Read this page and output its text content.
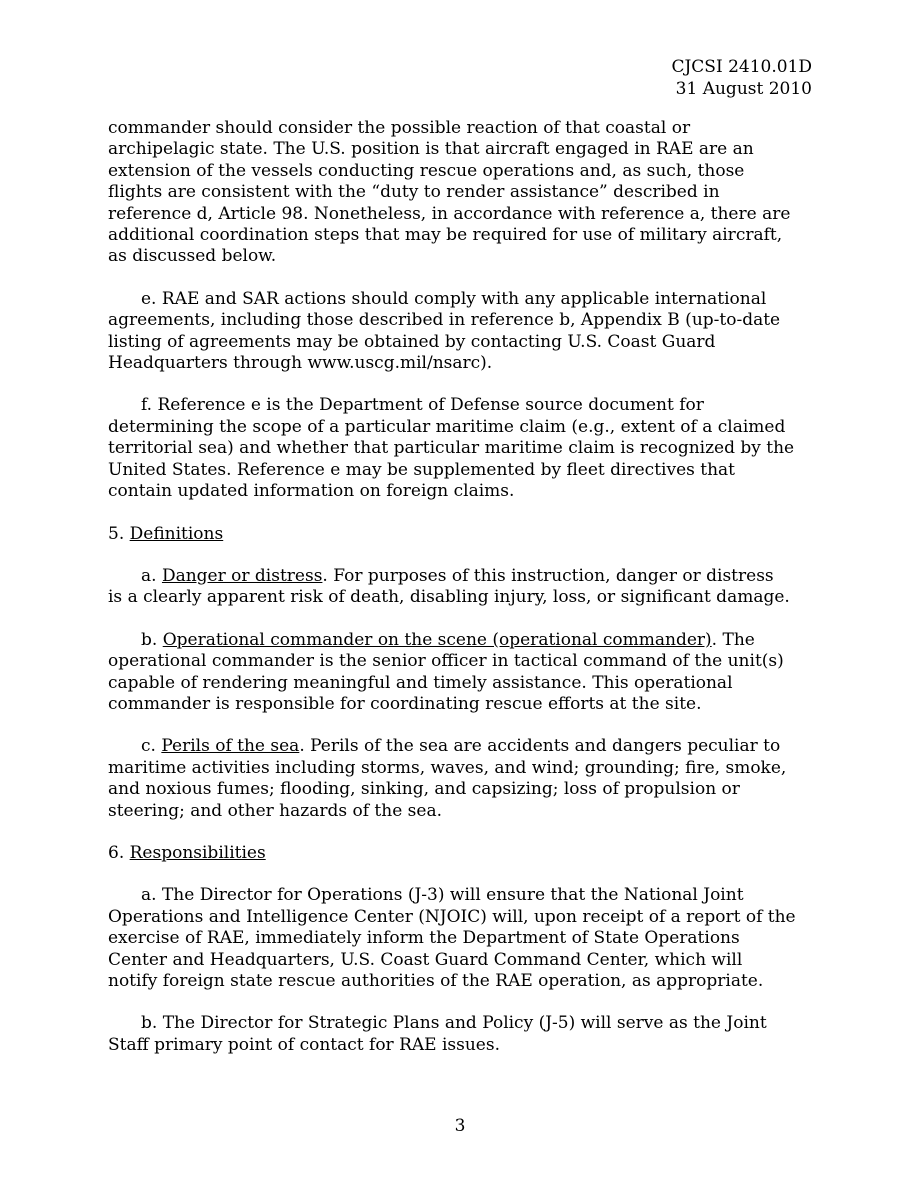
CJCSI 2410.01D
31 August 2010

commander should consider the possible reaction of that coastal or

archipelagic state. The U.S. position is that aircraft engaged in RAE are an

extension of the vessels conducting rescue operations and, as such, those

flights are consistent with the “duty to render assistance” described in

reference d, Article 98. Nonetheless, in accordance with reference a, there are

additional coordination steps that may be required for use of military aircraft,

as discussed below.

e. RAE and SAR actions should comply with any applicable international

agreements, including those described in reference b, Appendix B (up-to-date

listing of agreements may be obtained by contacting U.S. Coast Guard

Headquarters through www.uscg.mil/nsarc).

f. Reference e is the Department of Defense source document for

determining the scope of a particular maritime claim (e.g., extent of a claimed

territorial sea) and whether that particular maritime claim is recognized by the

United States. Reference e may be supplemented by fleet directives that

contain updated information on foreign claims.

5. Definitions

a. Danger or distress. For purposes of this instruction, danger or distress

is a clearly apparent risk of death, disabling injury, loss, or significant damage.

b. Operational commander on the scene (operational commander). The

operational commander is the senior officer in tactical command of the unit(s)

capable of rendering meaningful and timely assistance. This operational

commander is responsible for coordinating rescue efforts at the site.

c. Perils of the sea. Perils of the sea are accidents and dangers peculiar to

maritime activities including storms, waves, and wind; grounding; fire, smoke,

and noxious fumes; flooding, sinking, and capsizing; loss of propulsion or

steering; and other hazards of the sea.

6. Responsibilities

a. The Director for Operations (J-3) will ensure that the National Joint

Operations and Intelligence Center (NJOIC) will, upon receipt of a report of the

exercise of RAE, immediately inform the Department of State Operations

Center and Headquarters, U.S. Coast Guard Command Center, which will

notify foreign state rescue authorities of the RAE operation, as appropriate.

b. The Director for Strategic Plans and Policy (J-5) will serve as the Joint

Staff primary point of contact for RAE issues.

3
